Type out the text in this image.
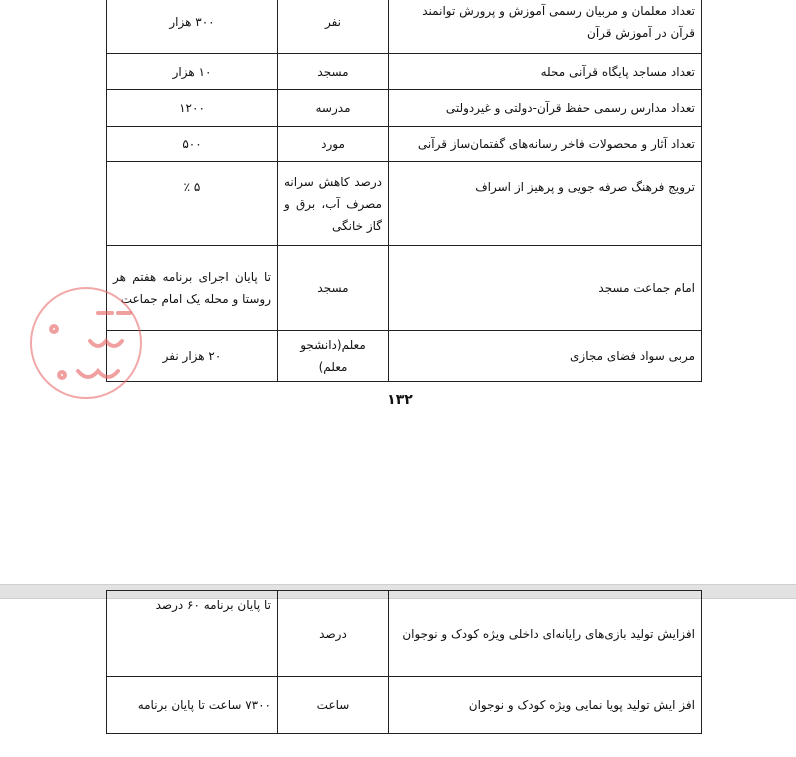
تعداد معلمان و مربیان رسمی آموزش و پرورش توانمند قرآن در آموزش قرآن	نفر	۳۰۰ هزار
تعداد مساجد پایگاه قرآنی محله	مسجد	۱۰ هزار
تعداد مدارس رسمی حفظ قرآن-دولتی و غیردولتی	مدرسه	۱۲۰۰
تعداد آثار و محصولات فاخر رسانه‌های گفتمان‌ساز قرآنی	مورد	۵۰۰
ترویج فرهنگ صرفه جویی و پرهیز از اسراف	درصد کاهش سرانه مصرف آب، برق و گاز خانگی	۵ ٪
امام جماعت مسجد	مسجد	تا پایان اجرای برنامه هفتم هر روستا و محله یک امام جماعت
مربی سواد فضای مجازی	معلم(دانشجو معلم)	۲۰ هزار نفر
۱۳۲
افزایش تولید بازی‌های رایانه‌ای داخلی ویژه کودک و نوجوان	درصد	تا پایان برنامه ۶۰ درصد
افز ایش تولید پویا نمایی ویژه کودک و نوجوان	ساعت	۷۳۰۰ ساعت تا پایان برنامه
